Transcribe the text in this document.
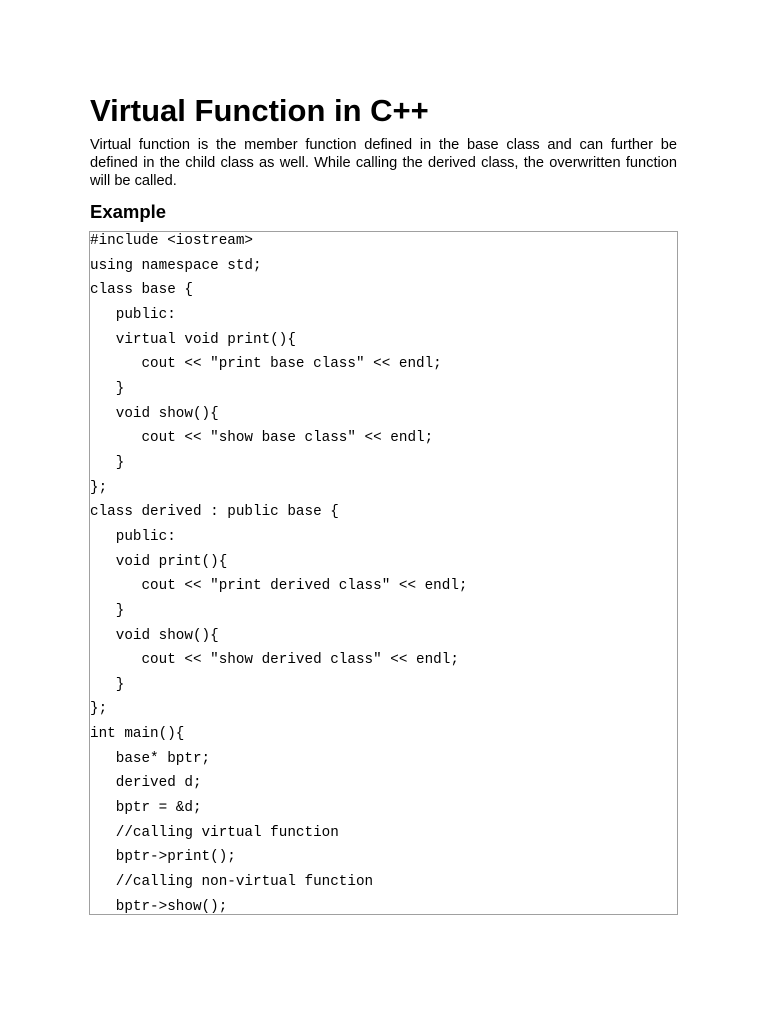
Virtual Function in C++

Virtual function is the member function defined in the base class and can further be defined in the child class as well. While calling the derived class, the overwritten function will be called.

Example
#include <iostream>
using namespace std;
class base {
public:
virtual void print(){
cout << "print base class" << endl;
}
void show(){
cout << "show base class" << endl;
}
};
class derived : public base {
public:
void print(){
cout << "print derived class" << endl;
}
void show(){
cout << "show derived class" << endl;
}
};
int main(){
base* bptr;
derived d;
bptr = &d;
//calling virtual function
bptr->print();
//calling non-virtual function
bptr->show();
